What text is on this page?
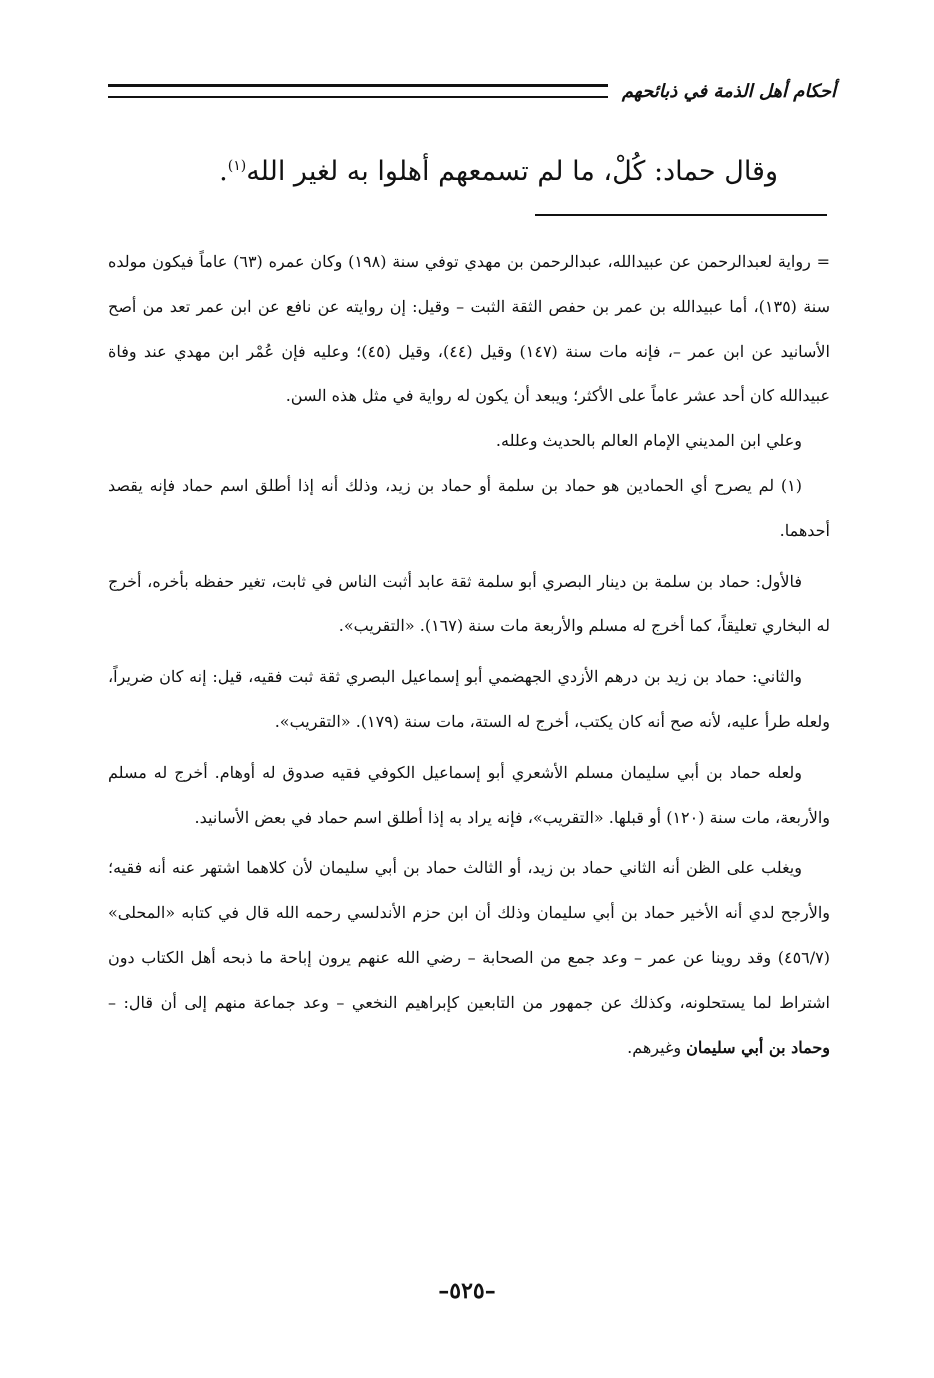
أحكام أهل الذمة في ذبائحهم
وقال حماد: كُلْ، ما لم تسمعهم أهلوا به لغير الله$^{(١)}$.

= رواية لعبدالرحمن عن عبيدالله، عبدالرحمن بن مهدي توفي سنة (١٩٨) وكان عمره (٦٣) عاماً فيكون مولده سنة (١٣٥)، أما عبيدالله بن عمر بن حفص الثقة الثبت – وقيل: إن روايته عن نافع عن ابن عمر تعد من أصح الأسانيد عن ابن عمر –، فإنه مات سنة (١٤٧) وقيل (٤٤)، وقيل (٤٥)؛ وعليه فإن عُمْر ابن مهدي عند وفاة عبيدالله كان أحد عشر عاماً على الأكثر؛ ويبعد أن يكون له رواية في مثل هذه السن.

وعلي ابن المديني الإمام العالم بالحديث وعلله.

(١) لم يصرح أي الحمادين هو حماد بن سلمة أو حماد بن زيد، وذلك أنه إذا أطلق اسم حماد فإنه يقصد أحدهما.

فالأول: حماد بن سلمة بن دينار البصري أبو سلمة ثقة عابد أثبت الناس في ثابت، تغير حفظه بأخره، أخرج له البخاري تعليقاً، كما أخرج له مسلم والأربعة مات سنة (١٦٧). «التقريب».

والثاني: حماد بن زيد بن درهم الأزدي الجهضمي أبو إسماعيل البصري ثقة ثبت فقيه، قيل: إنه كان ضريراً، ولعله طرأ عليه، لأنه صح أنه كان يكتب، أخرج له الستة، مات سنة (١٧٩). «التقريب».

ولعله حماد بن أبي سليمان مسلم الأشعري أبو إسماعيل الكوفي فقيه صدوق له أوهام. أخرج له مسلم والأربعة، مات سنة (١٢٠) أو قبلها. «التقريب»، فإنه يراد به إذا أطلق اسم حماد في بعض الأسانيد.

ويغلب على الظن أنه الثاني حماد بن زيد، أو الثالث حماد بن أبي سليمان لأن كلاهما اشتهر عنه أنه فقيه؛ والأرجح لدي أنه الأخير حماد بن أبي سليمان وذلك أن ابن حزم الأندلسي رحمه الله قال في كتابه «المحلى» (٤٥٦/٧) وقد روينا عن عمر – وعد جمع من الصحابة – رضي الله عنهم يرون إباحة ما ذبحه أهل الكتاب دون اشتراط لما يستحلونه، وكذلك عن جمهور من التابعين كإبراهيم النخعي – وعد جماعة منهم إلى أن قال: – وحماد بن أبي سليمان وغيرهم.

–٥٢٥–
